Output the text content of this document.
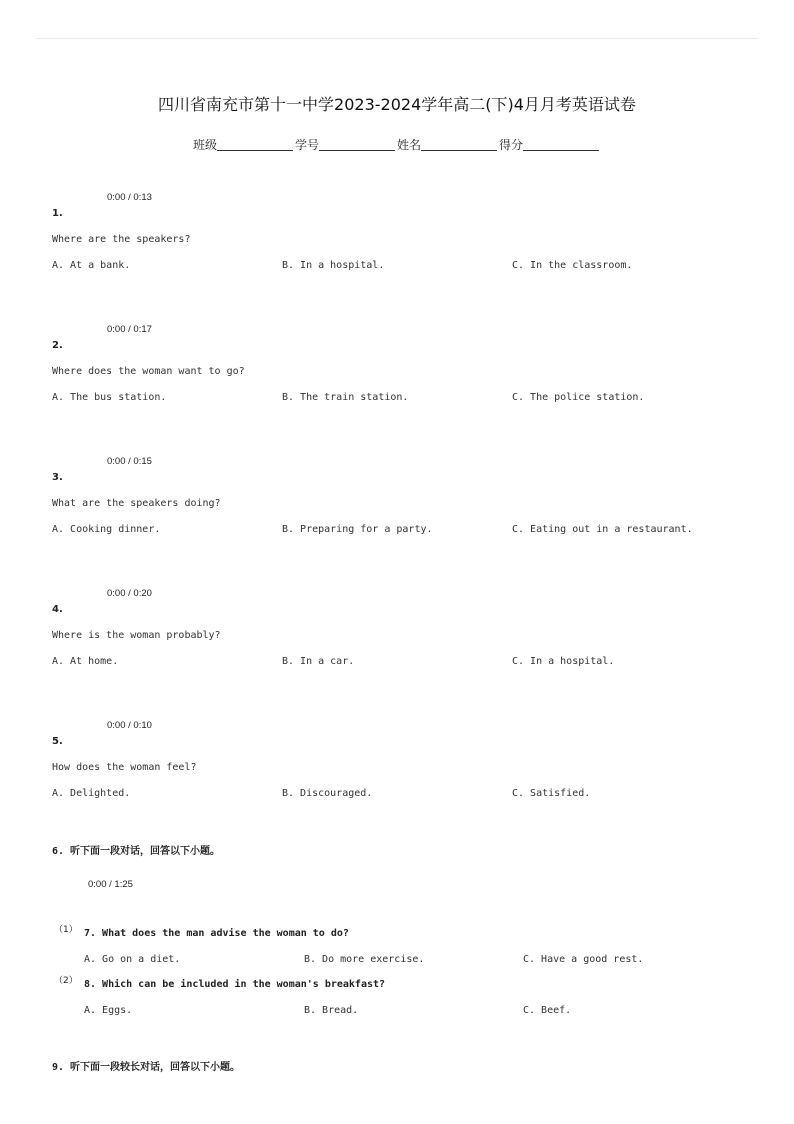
四川省南充市第十一中学2023-2024学年高二(下)4月月考英语试卷
班级	学号	姓名	得分
0:00 / 0:13
1.
Where are the speakers?
A. At a bank.	B. In a hospital.	C. In the classroom.
0:00 / 0:17
2.
Where does the woman want to go?
A. The bus station.	B. The train station.	C. The police station.
0:00 / 0:15
3.
What are the speakers doing?
A. Cooking dinner.	B. Preparing for a party.	C. Eating out in a restaurant.
0:00 / 0:20
4.
Where is the woman probably?
A. At home.	B. In a car.	C. In a hospital.
0:00 / 0:10
5.
How does the woman feel?
A. Delighted.	B. Discouraged.	C. Satisfied.
6. 听下面一段对话，回答以下小题。
0:00 / 1:25
（1） 7. What does the man advise the woman to do?
A. Go on a diet.	B. Do more exercise.	C. Have a good rest.
（2） 8. Which can be included in the woman's breakfast?
A. Eggs.	B. Bread.	C. Beef.
9. 听下面一段较长对话，回答以下小题。
